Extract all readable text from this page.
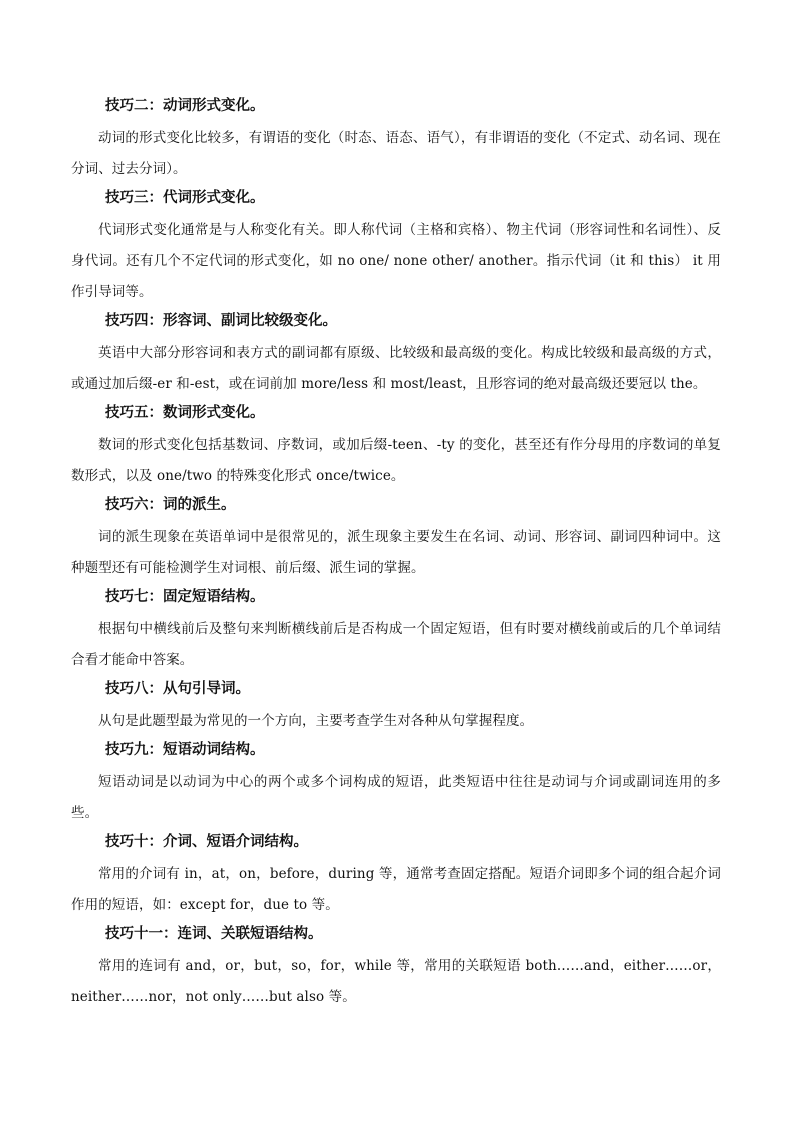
技巧二：动词形式变化。

动词的形式变化比较多，有谓语的变化（时态、语态、语气），有非谓语的变化（不定式、动名词、现在分词、过去分词）。

技巧三：代词形式变化。

代词形式变化通常是与人称变化有关。即人称代词（主格和宾格）、物主代词（形容词性和名词性）、反身代词。还有几个不定代词的形式变化，如 no one/ none other/ another。指示代词（it 和 this） it 用作引导词等。

技巧四：形容词、副词比较级变化。

英语中大部分形容词和表方式的副词都有原级、比较级和最高级的变化。构成比较级和最高级的方式，或通过加后缀-er 和-est，或在词前加 more/less 和 most/least，且形容词的绝对最高级还要冠以 the。

技巧五：数词形式变化。

数词的形式变化包括基数词、序数词，或加后缀-teen、-ty 的变化，甚至还有作分母用的序数词的单复数形式，以及 one/two 的特殊变化形式 once/twice。

技巧六：词的派生。

词的派生现象在英语单词中是很常见的，派生现象主要发生在名词、动词、形容词、副词四种词中。这种题型还有可能检测学生对词根、前后缀、派生词的掌握。

技巧七：固定短语结构。

根据句中横线前后及整句来判断横线前后是否构成一个固定短语，但有时要对横线前或后的几个单词结合看才能命中答案。

技巧八：从句引导词。

从句是此题型最为常见的一个方向，主要考查学生对各种从句掌握程度。

技巧九：短语动词结构。

短语动词是以动词为中心的两个或多个词构成的短语，此类短语中往往是动词与介词或副词连用的多些。

技巧十：介词、短语介词结构。

常用的介词有 in，at，on，before，during 等，通常考查固定搭配。短语介词即多个词的组合起介词作用的短语，如：except for，due to 等。

技巧十一：连词、关联短语结构。

常用的连词有 and，or，but，so，for，while 等，常用的关联短语 both……and，either……or，neither……nor，not only……but also 等。
